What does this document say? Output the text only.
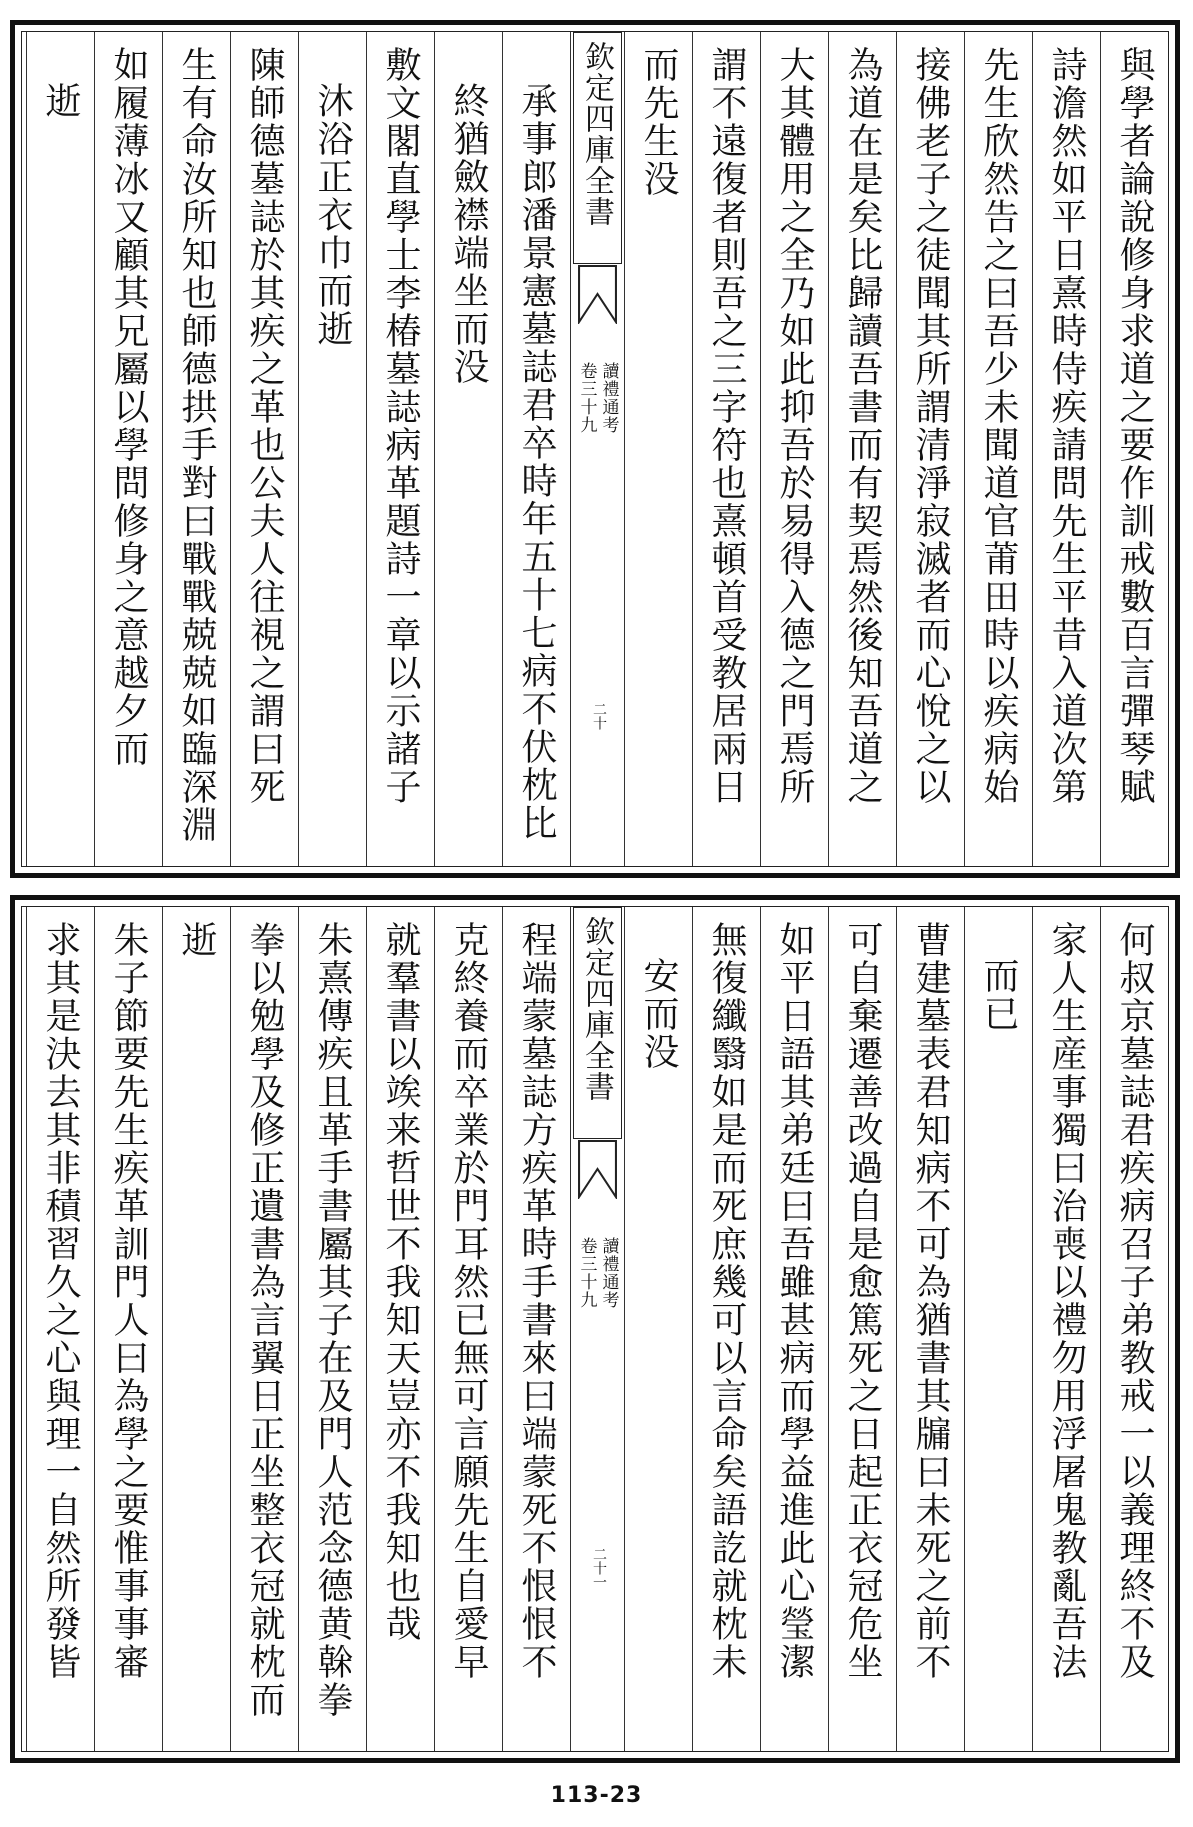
與學者論說修身求道之要作訓戒數百言彈琴賦
詩澹然如平日熹時侍疾請問先生平昔入道次第
先生欣然告之曰吾少未聞道官莆田時以疾病始
接佛老子之徒聞其所謂清淨寂滅者而心悅之以
為道在是矣比歸讀吾書而有契焉然後知吾道之
大其體用之全乃如此抑吾於易得入德之門焉所
謂不遠復者則吾之三字符也熹頓首受教居兩日
而先生没
欽定四庫全書
讀禮通考
卷三十九
二十
承事郎潘景憲墓誌君卒時年五十七病不伏枕比
終猶斂襟端坐而没
敷文閣直學士李椿墓誌病革題詩一章以示諸子
沐浴正衣巾而逝
陳師德墓誌於其疾之革也公夫人往視之謂曰死
生有命汝所知也師德拱手對曰戰戰兢兢如臨深淵
如履薄冰又顧其兄屬以學問修身之意越夕而
逝
何叔京墓誌君疾病召子弟教戒一以義理終不及
家人生産事獨曰治喪以禮勿用浮屠鬼教亂吾法
而已
曹建墓表君知病不可為猶書其牖曰未死之前不
可自棄遷善改過自是愈篤死之日起正衣冠危坐
如平日語其弟廷曰吾雖甚病而學益進此心瑩潔
無復纖翳如是而死庶幾可以言命矣語訖就枕未
安而没
欽定四庫全書
讀禮通考
卷三十九
二十一
程端蒙墓誌方疾革時手書來曰端蒙死不恨恨不
克終養而卒業於門耳然已無可言願先生自愛早
就羣書以竢来哲世不我知天豈亦不我知也哉
朱熹傳疾且革手書屬其子在及門人范念德黄榦拳
拳以勉學及修正遺書為言翼日正坐整衣冠就枕而
逝
朱子節要先生疾革訓門人曰為學之要惟事事審
求其是決去其非積習久之心與理一自然所發皆
113-23
